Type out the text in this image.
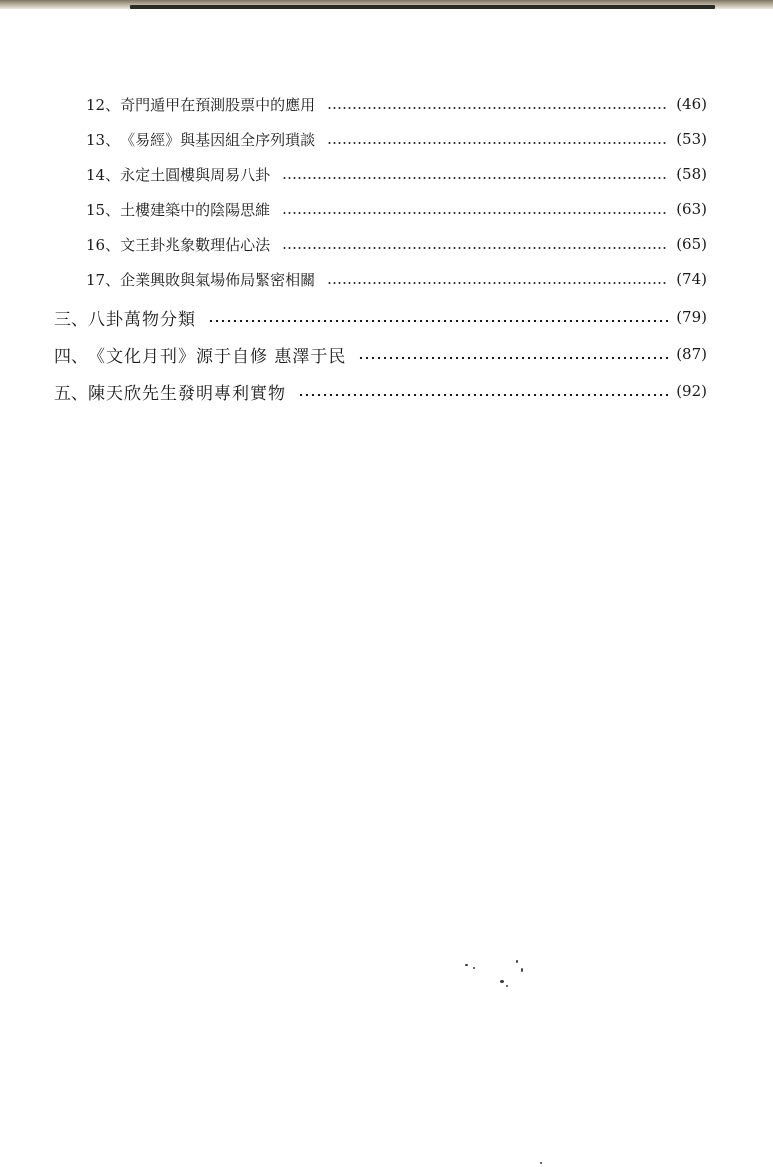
12、 奇門遁甲在預測股票中的應用	(46)
13、 《易經》與基因組全序列瑣談	(53)
14、 永定土圓樓與周易八卦	(58)
15、 土樓建築中的陰陽思維	(63)
16、 文王卦兆象數理佔心法	(65)
17、 企業興敗與氣場佈局緊密相關	(74)
三、 八卦萬物分類	(79)
四、 《文化月刊》源于自修 惠澤于民	(87)
五、 陳天欣先生發明專利實物	(92)
